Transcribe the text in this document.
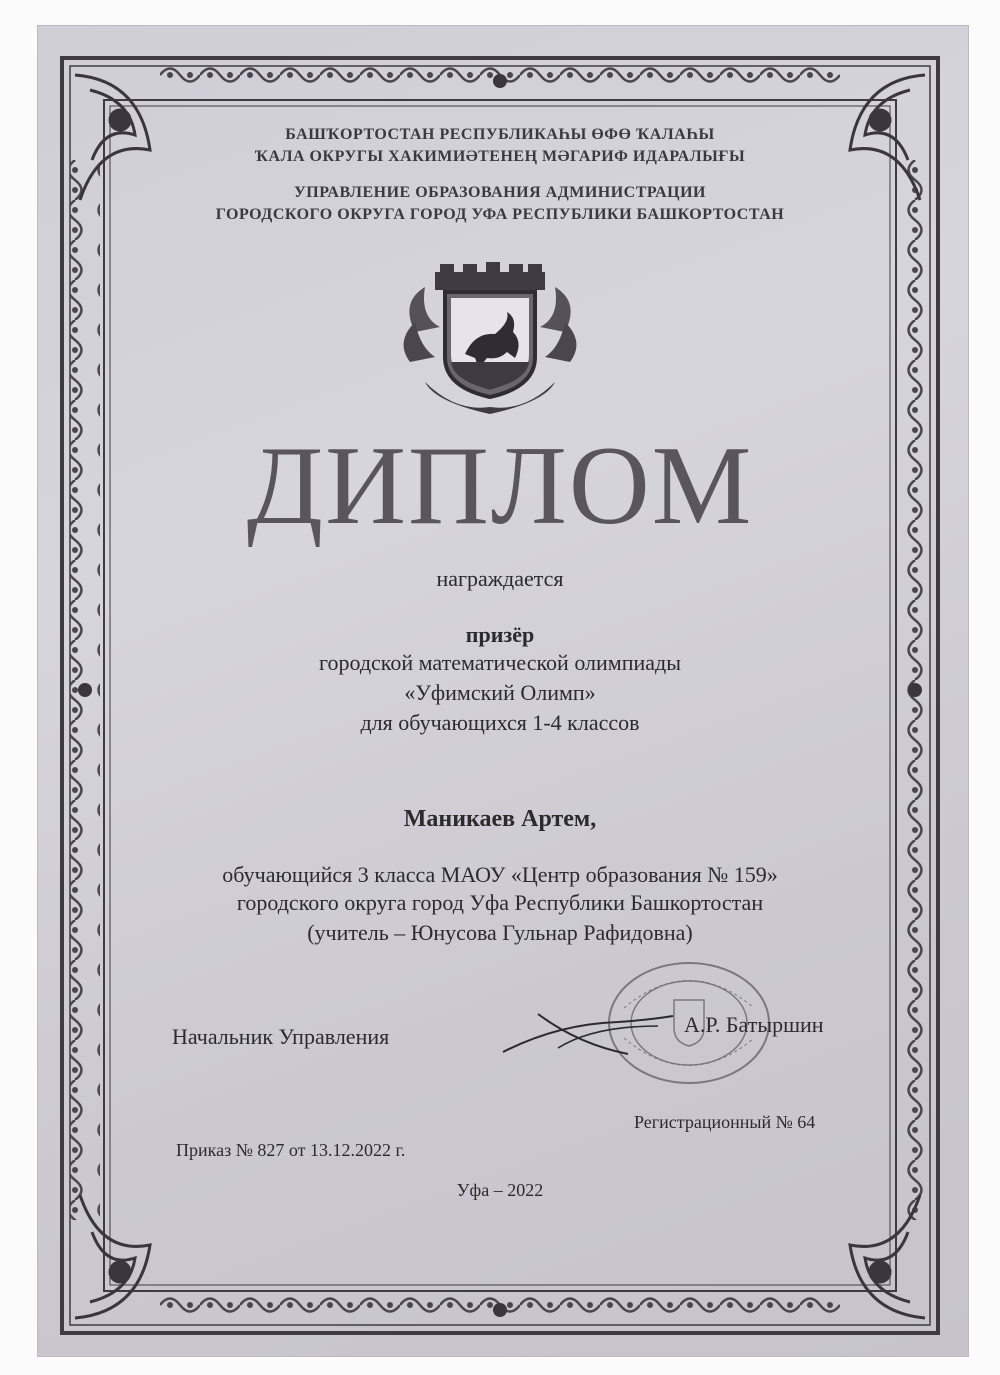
БАШҠОРТОСТАН РЕСПУБЛИКАҺЫ ӨФӨ ҠАЛАҺЫ
ҠАЛА ОКРУГЫ ХАКИМИӘТЕНЕҢ МӘГАРИФ ИДАРАЛЫҒЫ
УПРАВЛЕНИЕ ОБРАЗОВАНИЯ АДМИНИСТРАЦИИ
ГОРОДСКОГО ОКРУГА ГОРОД УФА РЕСПУБЛИКИ БАШКОРТОСТАН
ДИПЛОМ
награждается
призёр
городской математической олимпиады
«Уфимский Олимп»
для обучающихся 1-4 классов
Маникаев Артем,
обучающийся 3 класса МАОУ «Центр образования № 159»
городского округа город Уфа Республики Башкортостан
(учитель – Юнусова Гульнар Рафидовна)
Начальник Управления	А.Р. Батыршин
Регистрационный № 64
Приказ № 827 от 13.12.2022 г.
Уфа – 2022
